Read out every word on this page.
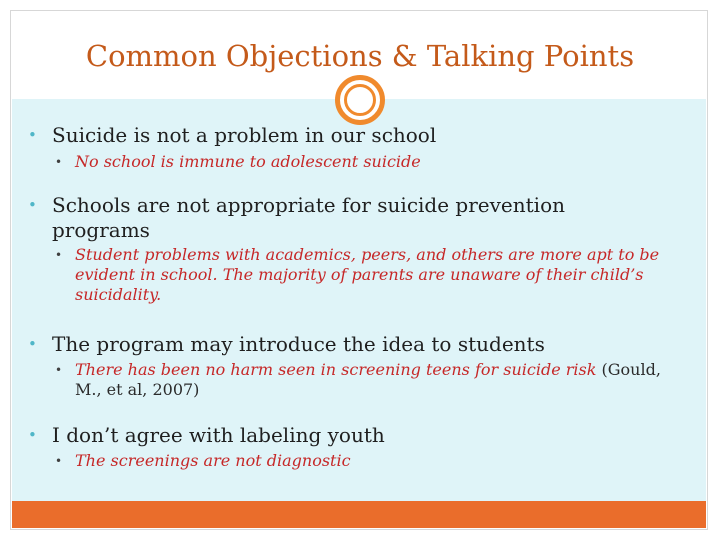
Common Objections & Talking Points
• Suicide is not a problem in our school
• No school is immune to adolescent suicide
• Schools are not appropriate for suicide prevention programs
• Student problems with academics, peers, and others are more apt to be evident in school. The majority of parents are unaware of their child’s suicidality.
• The program may introduce the idea to students
• There has been no harm seen in screening teens for suicide risk (Gould, M., et al, 2007)
• I don’t agree with labeling youth
• The screenings are not diagnostic
